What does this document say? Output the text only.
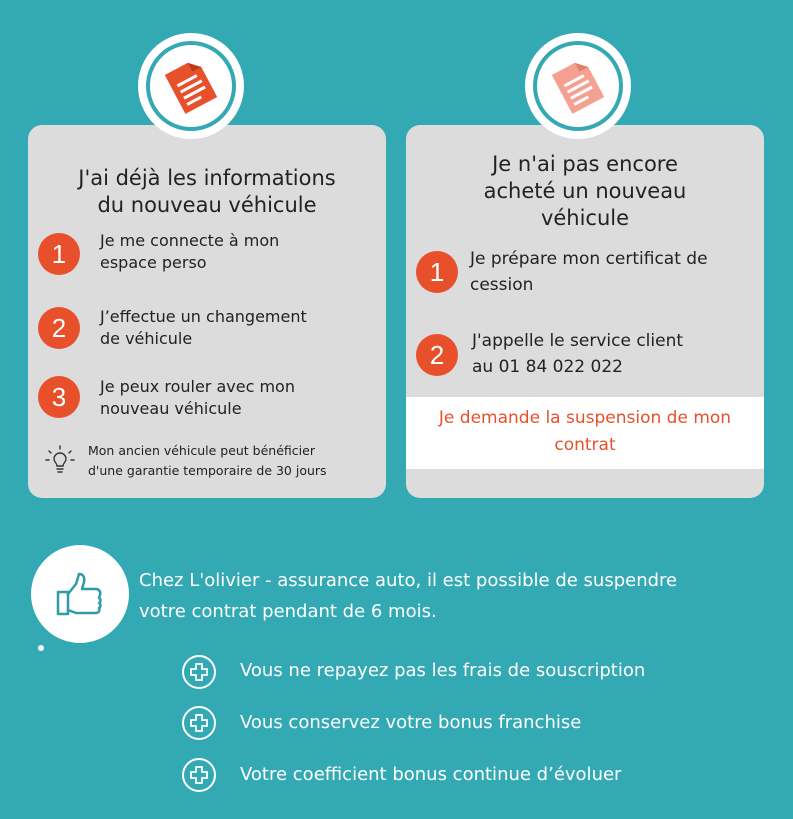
J'ai déjà les informations
du nouveau véhicule
1	Je me connecte à mon
espace perso
2	J’effectue un changement
de véhicule
3	Je peux rouler avec mon
nouveau véhicule
Mon ancien véhicule peut bénéficier
d'une garantie temporaire de 30 jours
Je n'ai pas encore
acheté un nouveau
véhicule
1	Je prépare mon certificat de
cession
2	J'appelle le service client
au 01 84 022 022
Je demande la suspension de mon
contrat
Chez L'olivier - assurance auto, il est possible de suspendre
votre contrat pendant de 6 mois.
Vous ne repayez pas les frais de souscription
Vous conservez votre bonus franchise
Votre coefficient bonus continue d’évoluer
